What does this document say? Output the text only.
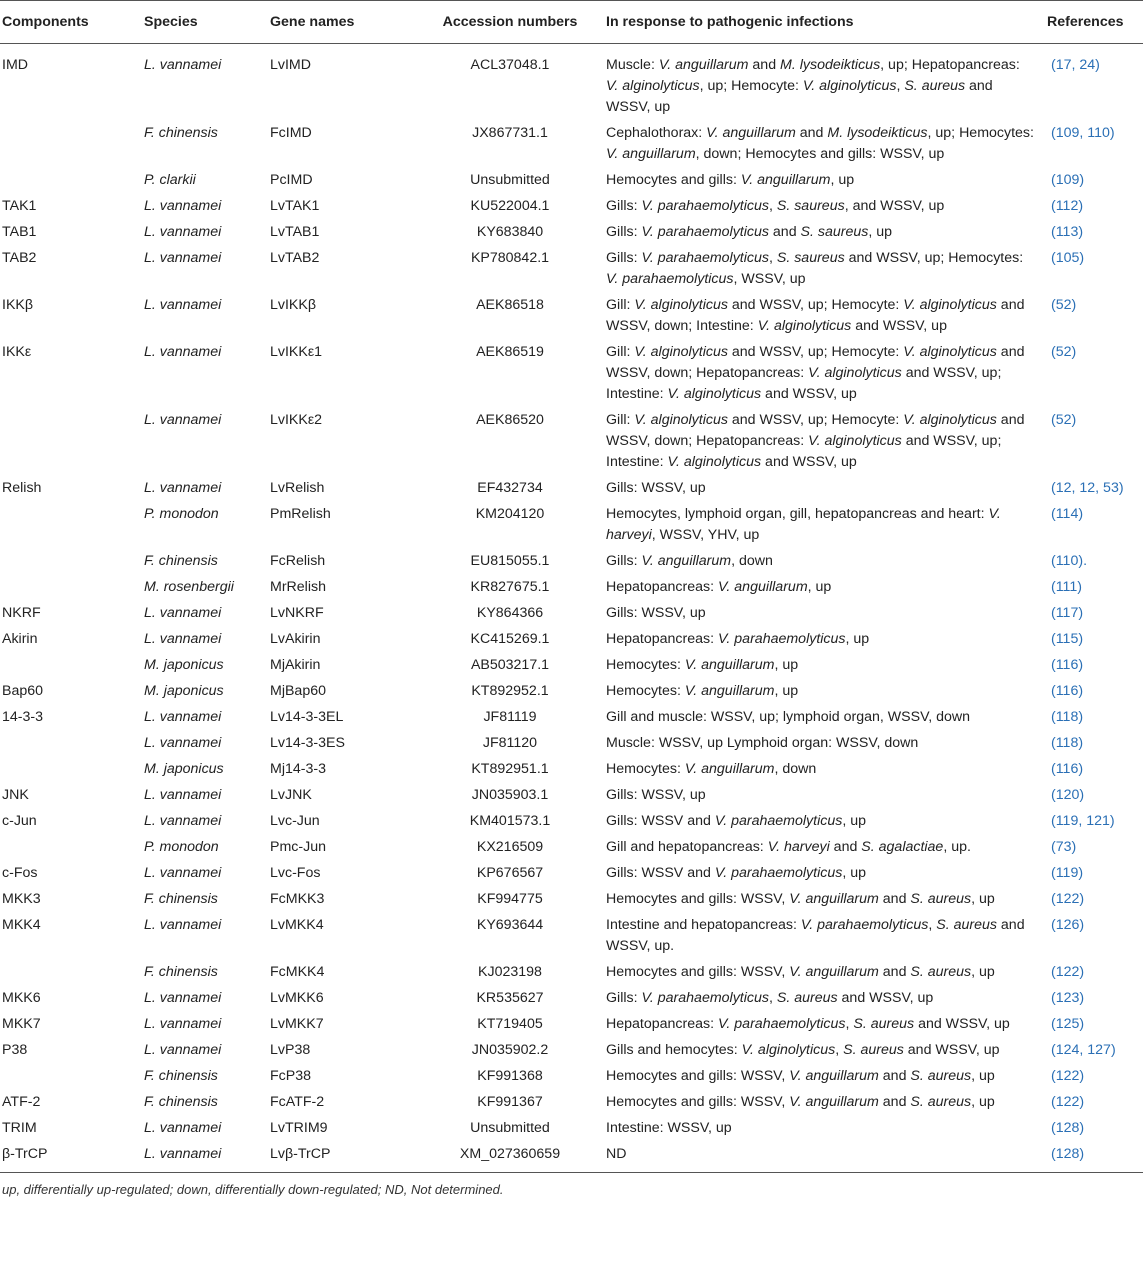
Components	Species	Gene names	Accession numbers	In response to pathogenic infections	References
IMD	L. vannamei	LvIMD	ACL37048.1	Muscle: V. anguillarum and M. lysodeikticus, up; Hepatopancreas: V. alginolyticus, up; Hemocyte: V. alginolyticus, S. aureus and WSSV, up	(17, 24)
	F. chinensis	FcIMD	JX867731.1	Cephalothorax: V. anguillarum and M. lysodeikticus, up; Hemocytes: V. anguillarum, down; Hemocytes and gills: WSSV, up	(109, 110)
	P. clarkii	PcIMD	Unsubmitted	Hemocytes and gills: V. anguillarum, up	(109)
TAK1	L. vannamei	LvTAK1	KU522004.1	Gills: V. parahaemolyticus, S. saureus, and WSSV, up	(112)
TAB1	L. vannamei	LvTAB1	KY683840	Gills: V. parahaemolyticus and S. saureus, up	(113)
TAB2	L. vannamei	LvTAB2	KP780842.1	Gills: V. parahaemolyticus, S. saureus and WSSV, up; Hemocytes: V. parahaemolyticus, WSSV, up	(105)
IKKβ	L. vannamei	LvIKKβ	AEK86518	Gill: V. alginolyticus and WSSV, up; Hemocyte: V. alginolyticus and WSSV, down; Intestine: V. alginolyticus and WSSV, up	(52)
IKKε	L. vannamei	LvIKKε1	AEK86519	Gill: V. alginolyticus and WSSV, up; Hemocyte: V. alginolyticus and WSSV, down; Hepatopancreas: V. alginolyticus and WSSV, up; Intestine: V. alginolyticus and WSSV, up	(52)
	L. vannamei	LvIKKε2	AEK86520	Gill: V. alginolyticus and WSSV, up; Hemocyte: V. alginolyticus and WSSV, down; Hepatopancreas: V. alginolyticus and WSSV, up; Intestine: V. alginolyticus and WSSV, up	(52)
Relish	L. vannamei	LvRelish	EF432734	Gills: WSSV, up	(12, 12, 53)
	P. monodon	PmRelish	KM204120	Hemocytes, lymphoid organ, gill, hepatopancreas and heart: V. harveyi, WSSV, YHV, up	(114)
	F. chinensis	FcRelish	EU815055.1	Gills: V. anguillarum, down	(110).
	M. rosenbergii	MrRelish	KR827675.1	Hepatopancreas: V. anguillarum, up	(111)
NKRF	L. vannamei	LvNKRF	KY864366	Gills: WSSV, up	(117)
Akirin	L. vannamei	LvAkirin	KC415269.1	Hepatopancreas: V. parahaemolyticus, up	(115)
	M. japonicus	MjAkirin	AB503217.1	Hemocytes: V. anguillarum, up	(116)
Bap60	M. japonicus	MjBap60	KT892952.1	Hemocytes: V. anguillarum, up	(116)
14-3-3	L. vannamei	Lv14-3-3EL	JF81119	Gill and muscle: WSSV, up; lymphoid organ, WSSV, down	(118)
	L. vannamei	Lv14-3-3ES	JF81120	Muscle: WSSV, up Lymphoid organ: WSSV, down	(118)
	M. japonicus	Mj14-3-3	KT892951.1	Hemocytes: V. anguillarum, down	(116)
JNK	L. vannamei	LvJNK	JN035903.1	Gills: WSSV, up	(120)
c-Jun	L. vannamei	Lvc-Jun	KM401573.1	Gills: WSSV and V. parahaemolyticus, up	(119, 121)
	P. monodon	Pmc-Jun	KX216509	Gill and hepatopancreas: V. harveyi and S. agalactiae, up.	(73)
c-Fos	L. vannamei	Lvc-Fos	KP676567	Gills: WSSV and V. parahaemolyticus, up	(119)
MKK3	F. chinensis	FcMKK3	KF994775	Hemocytes and gills: WSSV, V. anguillarum and S. aureus, up	(122)
MKK4	L. vannamei	LvMKK4	KY693644	Intestine and hepatopancreas: V. parahaemolyticus, S. aureus and WSSV, up.	(126)
	F. chinensis	FcMKK4	KJ023198	Hemocytes and gills: WSSV, V. anguillarum and S. aureus, up	(122)
MKK6	L. vannamei	LvMKK6	KR535627	Gills: V. parahaemolyticus, S. aureus and WSSV, up	(123)
MKK7	L. vannamei	LvMKK7	KT719405	Hepatopancreas: V. parahaemolyticus, S. aureus and WSSV, up	(125)
P38	L. vannamei	LvP38	JN035902.2	Gills and hemocytes: V. alginolyticus, S. aureus and WSSV, up	(124, 127)
	F. chinensis	FcP38	KF991368	Hemocytes and gills: WSSV, V. anguillarum and S. aureus, up	(122)
ATF-2	F. chinensis	FcATF-2	KF991367	Hemocytes and gills: WSSV, V. anguillarum and S. aureus, up	(122)
TRIM	L. vannamei	LvTRIM9	Unsubmitted	Intestine: WSSV, up	(128)
β-TrCP	L. vannamei	Lvβ-TrCP	XM_027360659	ND	(128)
up, differentially up-regulated; down, differentially down-regulated; ND, Not determined.
